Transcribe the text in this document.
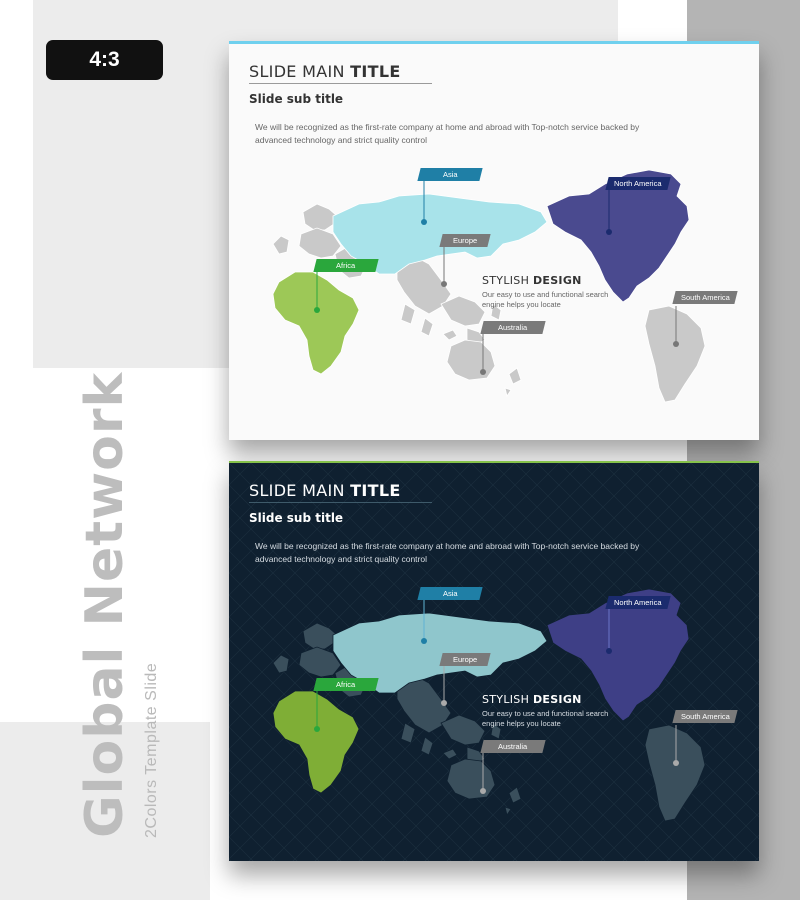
4:3
Global Network 2Colors Template Slide
SLIDE MAIN TITLE
Slide sub title
We will be recognized as the first-rate company at home and abroad with Top-notch service backed by advanced technology and strict quality control
STYLISH DESIGN
Our easy to use and functional search engine helps you locate
Asia
North America
Europe
Africa
South America
Australia
SLIDE MAIN TITLE
Slide sub title
We will be recognized as the first-rate company at home and abroad with Top-notch service backed by advanced technology and strict quality control
STYLISH DESIGN
Our easy to use and functional search engine helps you locate
Asia
North America
Europe
Africa
South America
Australia
